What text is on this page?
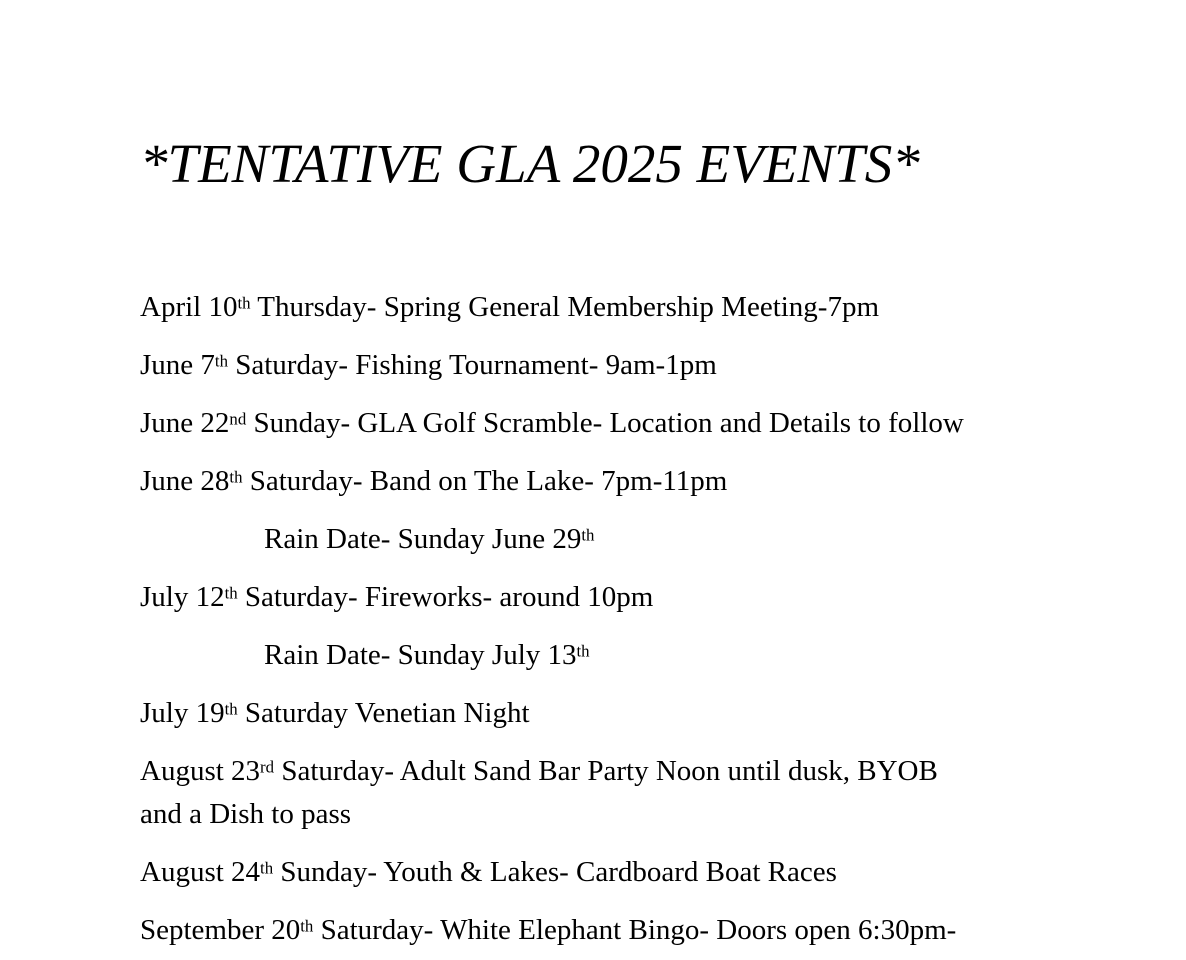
*TENTATIVE GLA 2025 EVENTS*
April 10th Thursday- Spring General Membership Meeting-7pm
June 7th Saturday- Fishing Tournament- 9am-1pm
June 22nd Sunday- GLA Golf Scramble- Location and Details to follow
June 28th Saturday- Band on The Lake- 7pm-11pm
Rain Date- Sunday June 29th
July 12th Saturday- Fireworks- around 10pm
Rain Date- Sunday July 13th
July 19th Saturday Venetian Night
August 23rd Saturday- Adult Sand Bar Party Noon until dusk, BYOB
and a Dish to pass
August 24th Sunday- Youth & Lakes- Cardboard Boat Races
September 20th Saturday- White Elephant Bingo- Doors open 6:30pm-
